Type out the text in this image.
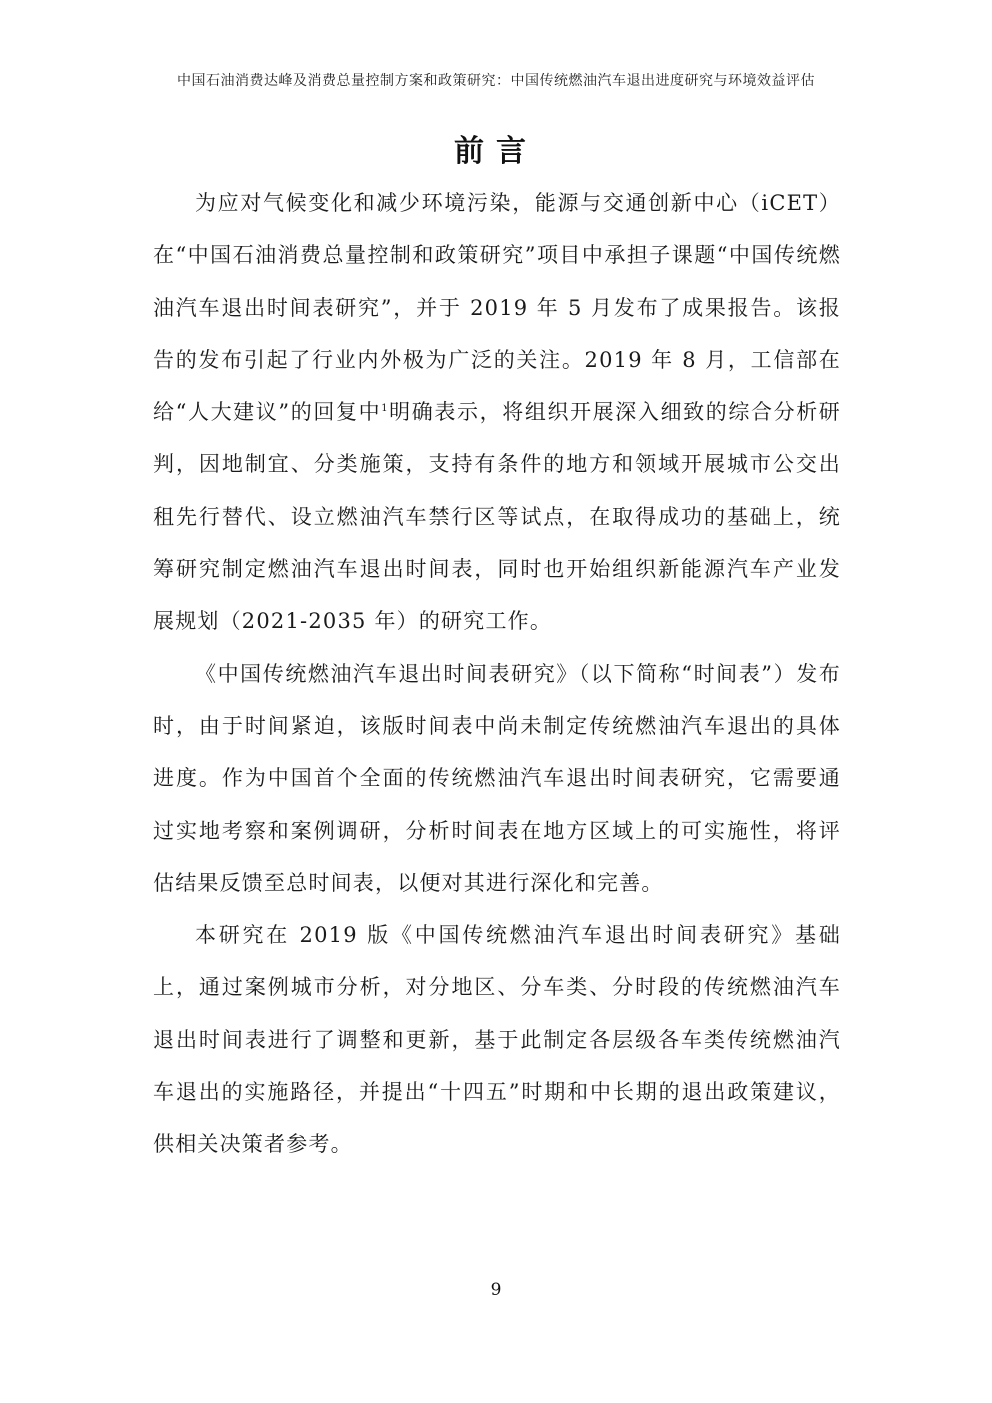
中国石油消费达峰及消费总量控制方案和政策研究：中国传统燃油汽车退出进度研究与环境效益评估
前言

为应对气候变化和减少环境污染，能源与交通创新中心（iCET）在“中国石油消费总量控制和政策研究”项目中承担子课题“中国传统燃油汽车退出时间表研究”，并于 2019 年 5 月发布了成果报告。该报告的发布引起了行业内外极为广泛的关注。2019 年 8 月，工信部在给“人大建议”的回复中$^1$明确表示，将组织开展深入细致的综合分析研判，因地制宜、分类施策，支持有条件的地方和领域开展城市公交出租先行替代、设立燃油汽车禁行区等试点，在取得成功的基础上，统筹研究制定燃油汽车退出时间表，同时也开始组织新能源汽车产业发展规划（2021-2035 年）的研究工作。

《中国传统燃油汽车退出时间表研究》（以下简称“时间表”）发布时，由于时间紧迫，该版时间表中尚未制定传统燃油汽车退出的具体进度。作为中国首个全面的传统燃油汽车退出时间表研究，它需要通过实地考察和案例调研，分析时间表在地方区域上的可实施性，将评估结果反馈至总时间表，以便对其进行深化和完善。

本研究在 2019 版《中国传统燃油汽车退出时间表研究》基础上，通过案例城市分析，对分地区、分车类、分时段的传统燃油汽车退出时间表进行了调整和更新，基于此制定各层级各车类传统燃油汽车退出的实施路径，并提出“十四五”时期和中长期的退出政策建议，供相关决策者参考。

9
